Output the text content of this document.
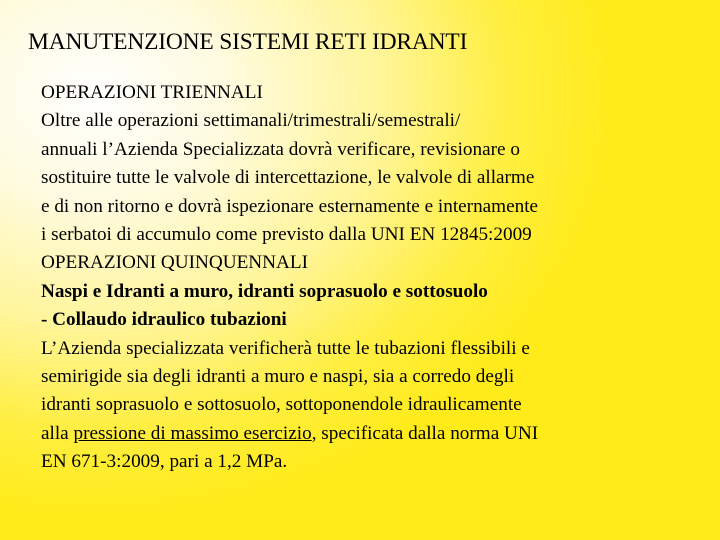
MANUTENZIONE SISTEMI RETI IDRANTI
OPERAZIONI TRIENNALI
Oltre alle operazioni settimanali/trimestrali/semestrali/
annuali l’Azienda Specializzata dovrà verificare, revisionare o
sostituire tutte le valvole di intercettazione, le valvole di allarme
e di non ritorno e dovrà ispezionare esternamente e internamente
i serbatoi di accumulo come previsto dalla UNI EN 12845:2009
OPERAZIONI QUINQUENNALI
Naspi e Idranti a muro, idranti soprasuolo e sottosuolo
- Collaudo idraulico tubazioni
L’Azienda specializzata verificherà tutte le tubazioni flessibili e
semirigide sia degli idranti a muro e naspi, sia a corredo degli
idranti soprasuolo e sottosuolo, sottoponendole idraulicamente
alla pressione di massimo esercizio, specificata dalla norma UNI
EN 671-3:2009, pari a 1,2 MPa.
